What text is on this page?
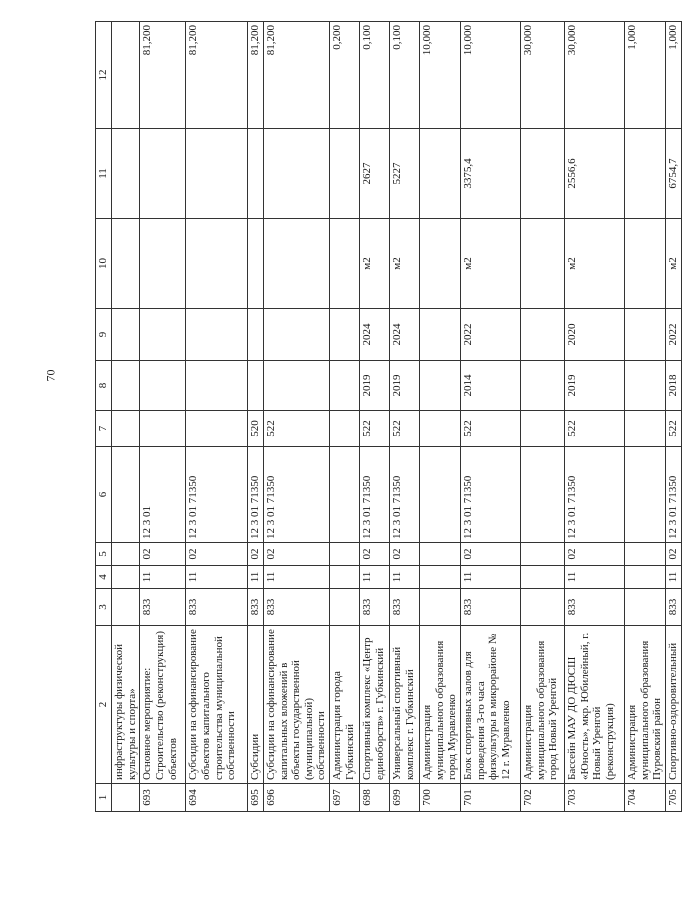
70
1	2	3	4	5	6	7	8	9	10	11	12
	инфраструктуры физической культуры и спорта»										
693	Основное мероприятие: Строительство (реконструкция) объектов	833	11	02	12 3 01						81,200
694	Субсидии на софинансирование объектов капитального строительства муниципальной собственности	833	11	02	12 3 01 71350						81,200
695	Субсидии	833	11	02	12 3 01 71350	520					81,200
696	Субсидии на софинансирование капитальных вложений в объекты государственной (муниципальной) собственности	833	11	02	12 3 01 71350	522					81,200
697	Администрация города Губкинский										0,200
698	Спортивный комплекс «Центр единоборств» г. Губкинский	833	11	02	12 3 01 71350	522	2019	2024	м2	2627	0,100
699	Универсальный спортивный комплекс г. Губкинский	833	11	02	12 3 01 71350	522	2019	2024	м2	5227	0,100
700	Администрация муниципального образования город Муравленко										10,000
701	Блок спортивных залов для проведения 3-го часа физкультуры в микрорайоне № 12 г. Муравленко	833	11	02	12 3 01 71350	522	2014	2022	м2	3375,4	10,000
702	Администрация муниципального образования город Новый Уренгой										30,000
703	Бассейн МАУ ДО ДЮСШ «Юность», мкр. Юбилейный, г. Новый Уренгой (реконструкция)	833	11	02	12 3 01 71350	522	2019	2020	м2	2556,6	30,000
704	Администрация муниципального образования Пуровский район										1,000
705	Спортивно-оздоровительный	833	11	02	12 3 01 71350	522	2018	2022	м2	6754,7	1,000
